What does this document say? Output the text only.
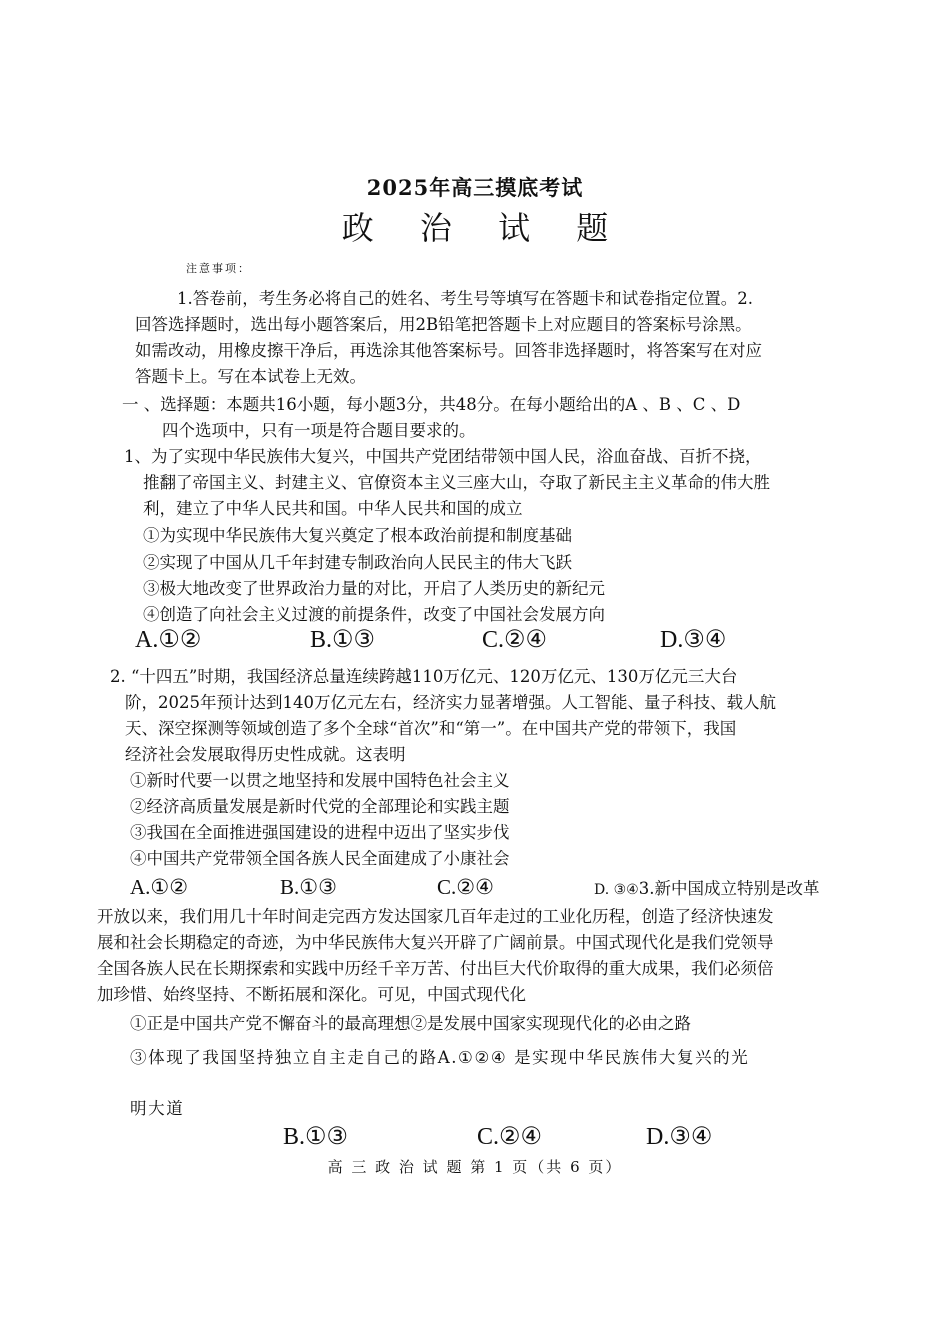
2025年高三摸底考试
政 治 试 题
注意事项：
1.答卷前，考生务必将自己的姓名、考生号等填写在答题卡和试卷指定位置。2.
回答选择题时，选出每小题答案后，用2B铅笔把答题卡上对应题目的答案标号涂黑。
如需改动，用橡皮擦干净后，再选涂其他答案标号。回答非选择题时，将答案写在对应
答题卡上。写在本试卷上无效。
一 、选择题：本题共16小题，每小题3分，共48分。在每小题给出的A 、B 、C 、D
四个选项中，只有一项是符合题目要求的。
1、为了实现中华民族伟大复兴，中国共产党团结带领中国人民，浴血奋战、百折不挠，
推翻了帝国主义、封建主义、官僚资本主义三座大山，夺取了新民主主义革命的伟大胜
利，建立了中华人民共和国。中华人民共和国的成立
①为实现中华民族伟大复兴奠定了根本政治前提和制度基础
②实现了中国从几千年封建专制政治向人民民主的伟大飞跃
③极大地改变了世界政治力量的对比，开启了人类历史的新纪元
④创造了向社会主义过渡的前提条件，改变了中国社会发展方向
A.①②	B.①③	C.②④	D.③④
2. “十四五”时期，我国经济总量连续跨越110万亿元、120万亿元、130万亿元三大台
阶，2025年预计达到140万亿元左右，经济实力显著增强。人工智能、量子科技、载人航
天、深空探测等领域创造了多个全球“首次”和“第一”。在中国共产党的带领下，我国
经济社会发展取得历史性成就。这表明
①新时代要一以贯之地坚持和发展中国特色社会主义
②经济高质量发展是新时代党的全部理论和实践主题
③我国在全面推进强国建设的进程中迈出了坚实步伐
④中国共产党带领全国各族人民全面建成了小康社会
A.①②	B.①③	C.②④	D. ③④3.新中国成立特别是改革
开放以来，我们用几十年时间走完西方发达国家几百年走过的工业化历程，创造了经济快速发
展和社会长期稳定的奇迹，为中华民族伟大复兴开辟了广阔前景。中国式现代化是我们党领导
全国各族人民在长期探索和实践中历经千辛万苦、付出巨大代价取得的重大成果，我们必须倍
加珍惜、始终坚持、不断拓展和深化。可见，中国式现代化
①正是中国共产党不懈奋斗的最高理想②是发展中国家实现现代化的必由之路
③体现了我国坚持独立自主走自己的路A.①②④ 是实现中华民族伟大复兴的光
明大道
B.①③	C.②④	D.③④
高 三 政 治 试 题 第 1 页（共 6 页）
